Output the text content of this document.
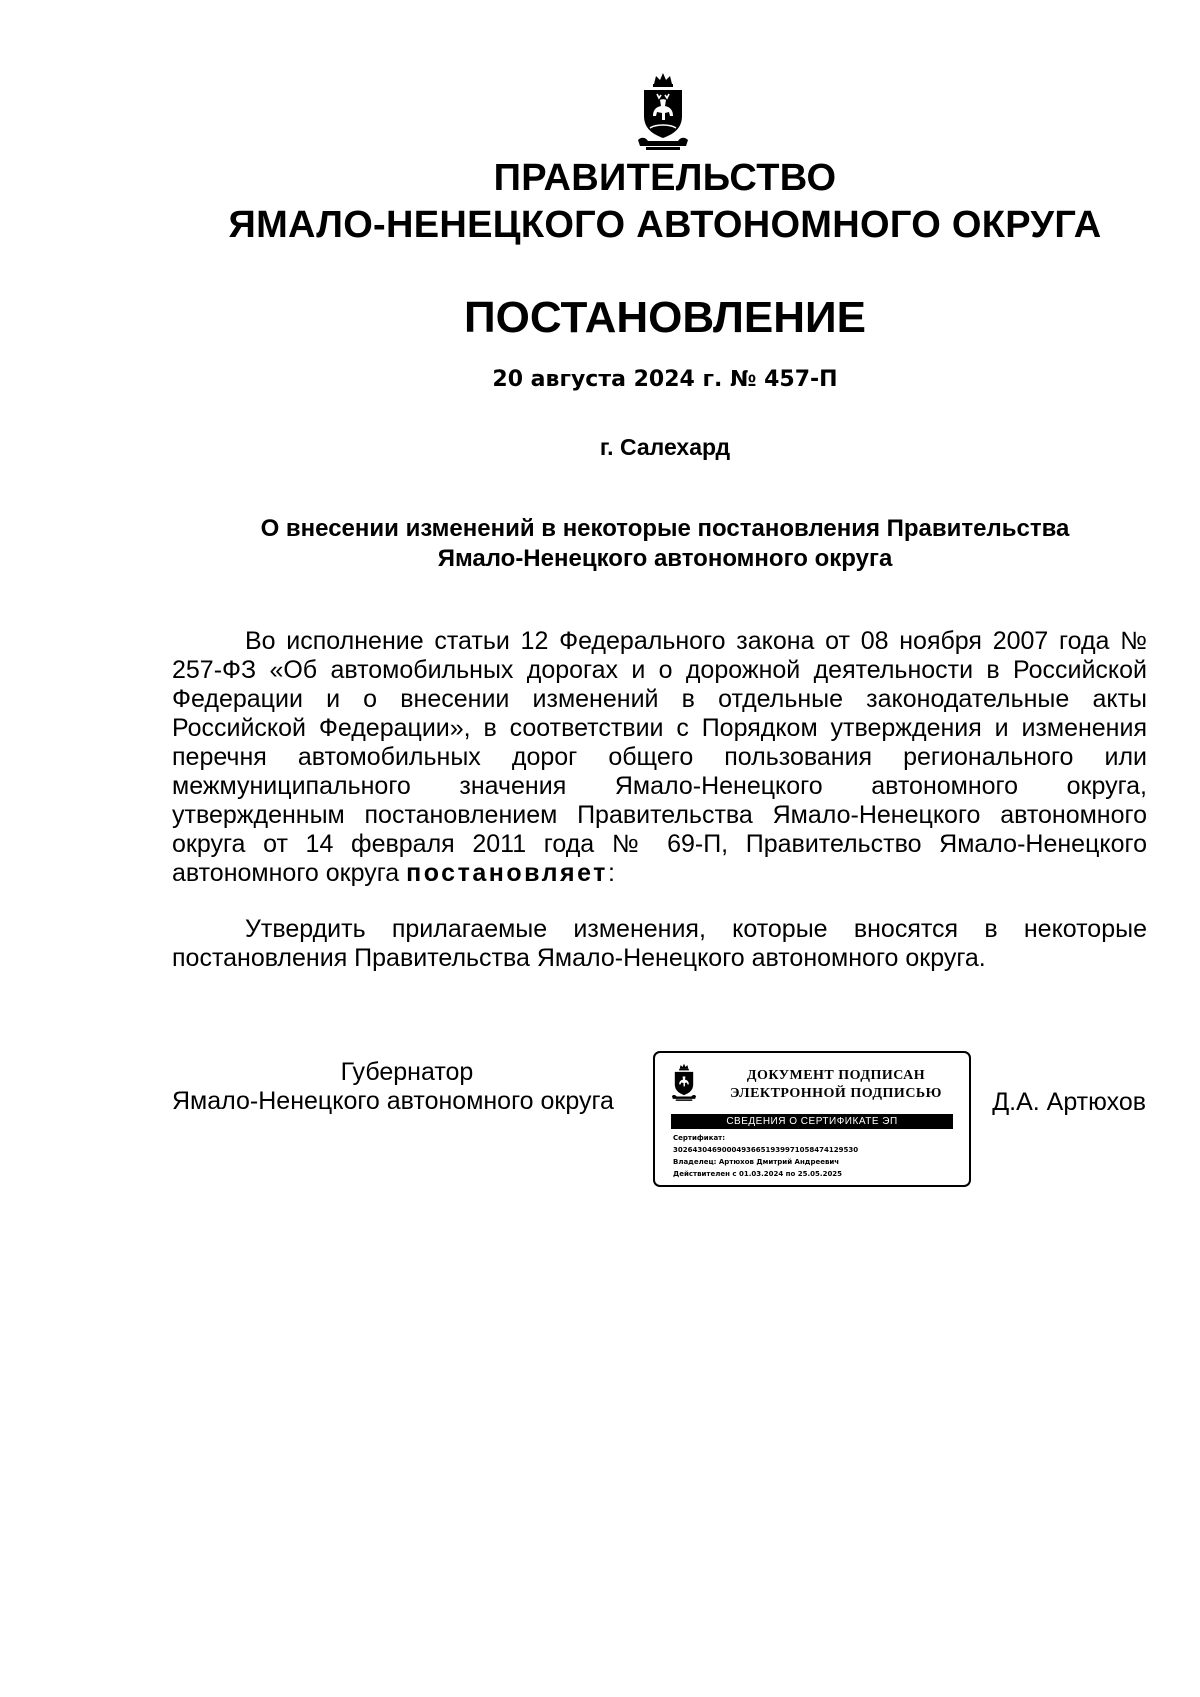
ПРАВИТЕЛЬСТВО
ЯМАЛО-НЕНЕЦКОГО АВТОНОМНОГО ОКРУГА
ПОСТАНОВЛЕНИЕ
20 августа 2024 г. № 457-П
г. Салехард
О внесении изменений в некоторые постановления Правительства
Ямало-Ненецкого автономного округа

Во исполнение статьи 12 Федерального закона от 08 ноября 2007 года № 257-ФЗ «Об автомобильных дорогах и о дорожной деятельности в Российской Федерации и о внесении изменений в отдельные законодательные акты Российской Федерации», в соответствии с Порядком утверждения и изменения перечня автомобильных дорог общего пользования регионального или межмуниципального значения Ямало-Ненецкого автономного округа, утвержденным постановлением Правительства Ямало-Ненецкого автономного округа от 14 февраля 2011 года № 69-П, Правительство Ямало-Ненецкого автономного округа постановляет:

Утвердить прилагаемые изменения, которые вносятся в некоторые постановления Правительства Ямало-Ненецкого автономного округа.

Губернатор
Ямало-Ненецкого автономного округа
ДОКУМЕНТ ПОДПИСАН
ЭЛЕКТРОННОЙ ПОДПИСЬЮ
СВЕДЕНИЯ О СЕРТИФИКАТЕ ЭП
Сертификат:
30264304690004936651939971058474129530
Владелец: Артюхов Дмитрий Андреевич
Действителен с 01.03.2024 по 25.05.2025
Д.А. Артюхов
